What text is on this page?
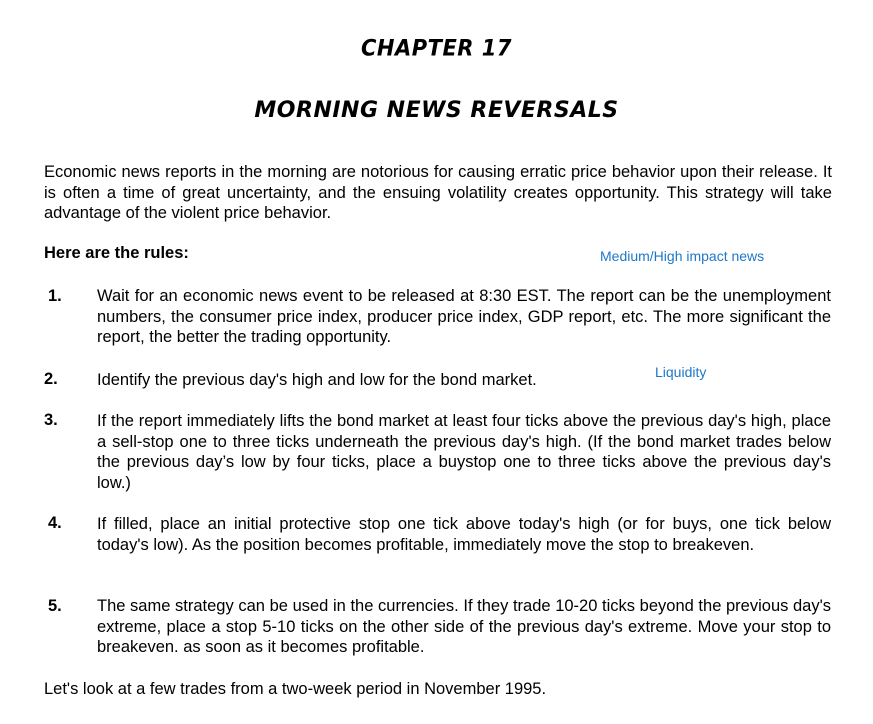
CHAPTER 17
MORNING NEWS REVERSALS

Economic news reports in the morning are notorious for causing erratic price behavior upon their release. It is often a time of great uncertainty, and the ensuing volatility creates opportunity. This strategy will take advantage of the violent price behavior.

Here are the rules:	Medium/High impact news

Liquidity

1.	Wait for an economic news event to be released at 8:30 EST. The report can be the unemployment numbers, the consumer price index, producer price index, GDP report, etc. The more significant the report, the better the trading opportunity.

2.	Identify the previous day's high and low for the bond market.

3.	If the report immediately lifts the bond market at least four ticks above the previous day's high, place a sell-stop one to three ticks underneath the previous day's high. (If the bond market trades below the previous day’s low by four ticks, place a buystop one to three ticks above the previous day's low.)

4.	If filled, place an initial protective stop one tick above today's high (or for buys, one tick below today's low). As the position becomes profitable, immediately move the stop to breakeven.

5.	The same strategy can be used in the currencies. If they trade 10-20 ticks beyond the previous day's extreme, place a stop 5-10 ticks on the other side of the previous day's extreme. Move your stop to breakeven. as soon as it becomes profitable.

Let's look at a few trades from a two-week period in November 1995.
